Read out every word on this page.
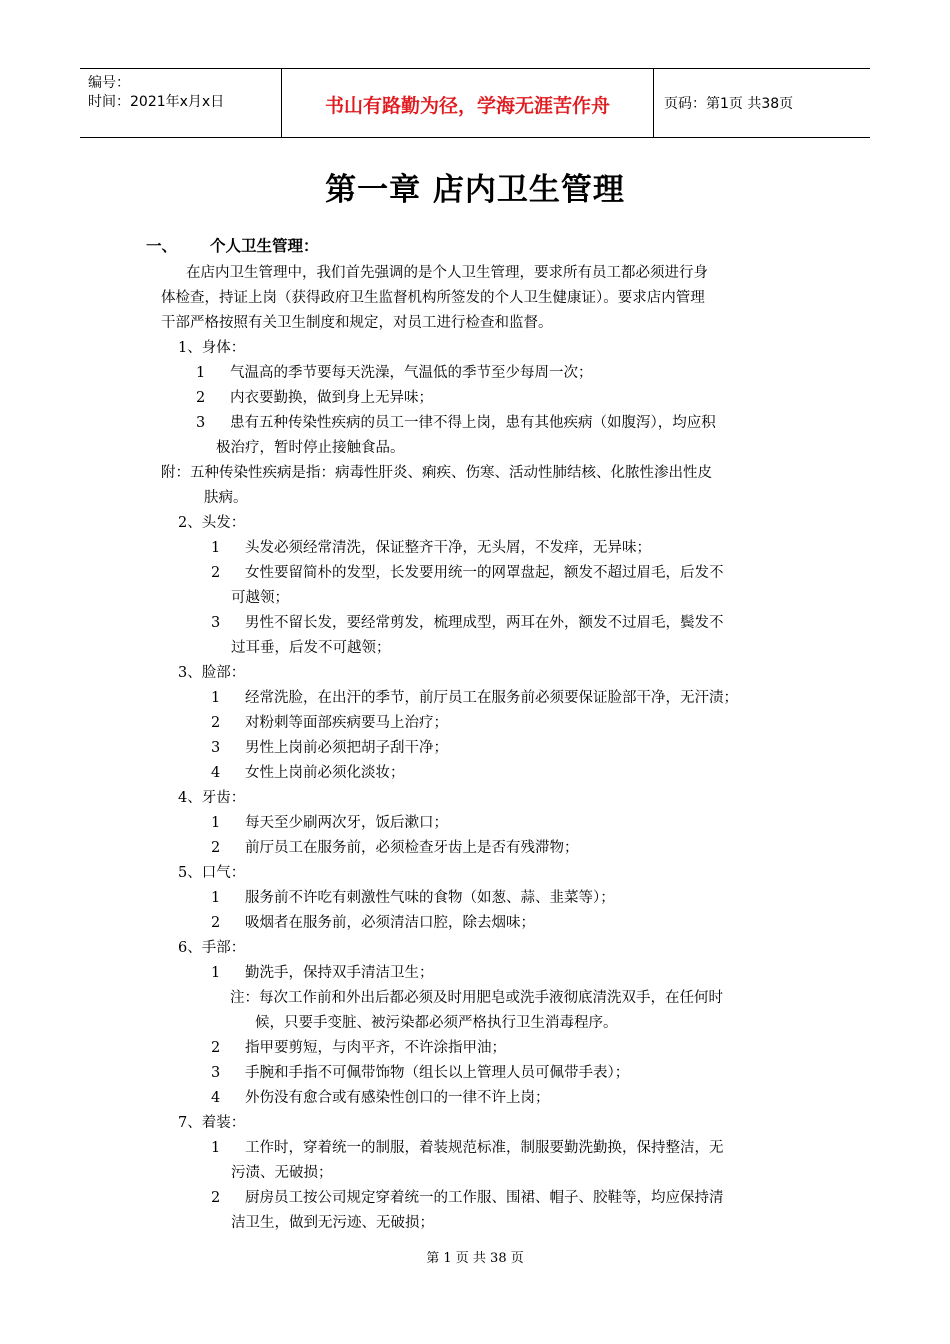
编号：
时间：2021年x月x日	书山有路勤为径，学海无涯苦作舟	页码：第1页 共38页
第一章 店内卫生管理
一、 个人卫生管理：
在店内卫生管理中，我们首先强调的是个人卫生管理，要求所有员工都必须进行身
体检查，持证上岗（获得政府卫生监督机构所签发的个人卫生健康证）。要求店内管理
干部严格按照有关卫生制度和规定，对员工进行检查和监督。
1、身体：
1 气温高的季节要每天洗澡，气温低的季节至少每周一次；
2 内衣要勤换，做到身上无异味；
3 患有五种传染性疾病的员工一律不得上岗，患有其他疾病（如腹泻），均应积
极治疗，暂时停止接触食品。
附：五种传染性疾病是指：病毒性肝炎、痢疾、伤寒、活动性肺结核、化脓性渗出性皮
肤病。
2、头发：
1 头发必须经常清洗，保证整齐干净，无头屑，不发痒，无异味；
2 女性要留简朴的发型，长发要用统一的网罩盘起，额发不超过眉毛，后发不
可越领；
3 男性不留长发，要经常剪发，梳理成型，两耳在外，额发不过眉毛，鬓发不
过耳垂，后发不可越领；
3、脸部：
1 经常洗脸，在出汗的季节，前厅员工在服务前必须要保证脸部干净，无汗渍；
2 对粉刺等面部疾病要马上治疗；
3 男性上岗前必须把胡子刮干净；
4 女性上岗前必须化淡妆；
4、牙齿：
1 每天至少刷两次牙，饭后漱口；
2 前厅员工在服务前，必须检查牙齿上是否有残滞物；
5、口气：
1 服务前不许吃有刺激性气味的食物（如葱、蒜、韭菜等）；
2 吸烟者在服务前，必须清洁口腔，除去烟味；
6、手部：
1 勤洗手，保持双手清洁卫生；
注：每次工作前和外出后都必须及时用肥皂或洗手液彻底清洗双手，在任何时
候，只要手变脏、被污染都必须严格执行卫生消毒程序。
2 指甲要剪短，与肉平齐，不许涂指甲油；
3 手腕和手指不可佩带饰物（组长以上管理人员可佩带手表）；
4 外伤没有愈合或有感染性创口的一律不许上岗；
7、着装：
1 工作时，穿着统一的制服，着装规范标准，制服要勤洗勤换，保持整洁，无
污渍、无破损；
2 厨房员工按公司规定穿着统一的工作服、围裙、帽子、胶鞋等，均应保持清
洁卫生，做到无污迹、无破损；
第 1 页 共 38 页
